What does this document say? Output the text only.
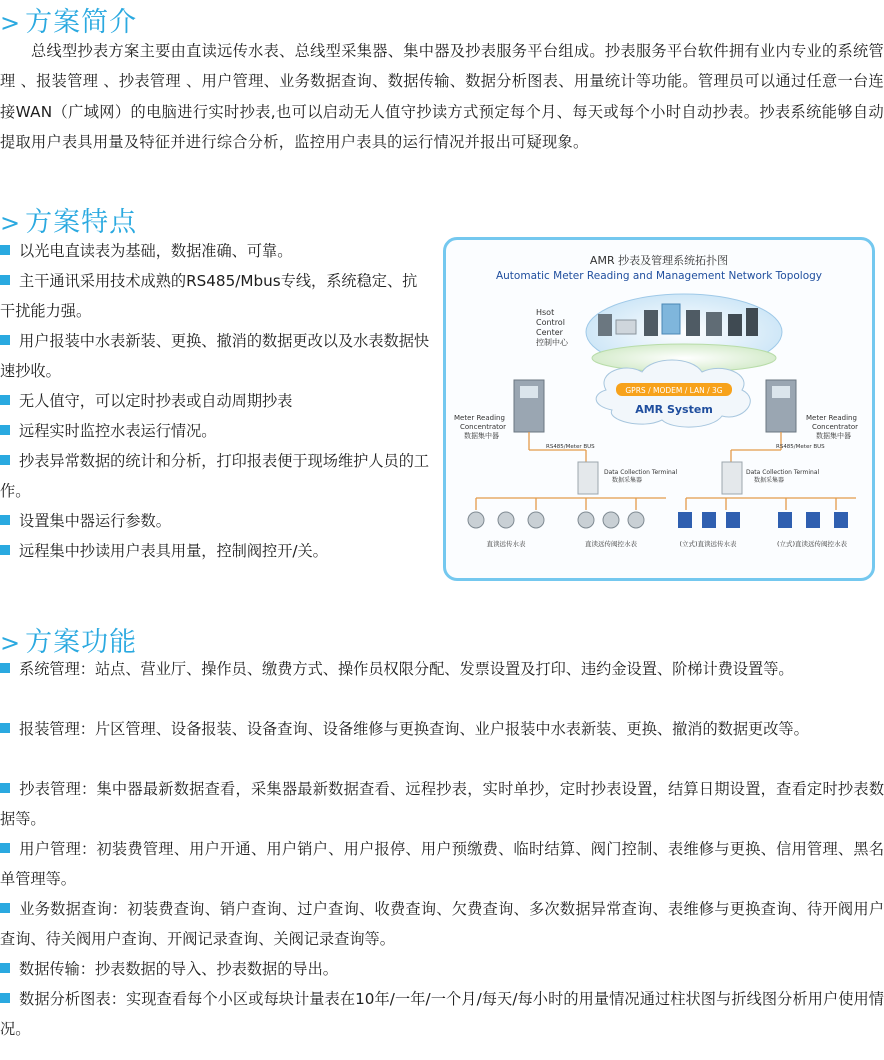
> 方案简介
总线型抄表方案主要由直读远传水表、总线型采集器、集中器及抄表服务平台组成。抄表服务平台软件拥有业内专业的系统管理 、报装管理 、抄表管理 、用户管理、业务数据查询、数据传输、数据分析图表、用量统计等功能。管理员可以通过任意一台连接WAN（广域网）的电脑进行实时抄表,也可以启动无人值守抄读方式预定每个月、每天或每个小时自动抄表。抄表系统能够自动提取用户表具用量及特征并进行综合分析，监控用户表具的运行情况并报出可疑现象。
> 方案特点
以光电直读表为基础，数据准确、可靠。
主干通讯采用技术成熟的RS485/Mbus专线，系统稳定、抗干扰能力强。
用户报装中水表新装、更换、撤消的数据更改以及水表数据快速抄收。
无人值守，可以定时抄表或自动周期抄表
远程实时监控水表运行情况。
抄表异常数据的统计和分析，打印报表便于现场维护人员的工作。
设置集中器运行参数。
远程集中抄读用户表具用量，控制阀控开/关。
AMR 抄表及管理系统拓扑图
Automatic Meter Reading and Management Network Topology
Hsot Control Center 控制中心
GPRS / MODEM / LAN / 3G
AMR System
Meter Reading Concentrator 数据集中器
Meter Reading Concentrator 数据集中器
RS485/Meter BUS	RS485/Meter BUS
Data Collection Terminal 数据采集器
Data Collection Terminal 数据采集器
直读远传水表	直读远传阀控水表	(立式)直读远传水表	(立式)直读远传阀控水表
> 方案功能
系统管理：站点、营业厅、操作员、缴费方式、操作员权限分配、发票设置及打印、违约金设置、阶梯计费设置等。
报装管理：片区管理、设备报装、设备查询、设备维修与更换查询、业户报装中水表新装、更换、撤消的数据更改等。
抄表管理：集中器最新数据查看，采集器最新数据查看、远程抄表，实时单抄，定时抄表设置，结算日期设置，查看定时抄表数据等。
用户管理：初装费管理、用户开通、用户销户、用户报停、用户预缴费、临时结算、阀门控制、表维修与更换、信用管理、黑名单管理等。
业务数据查询：初装费查询、销户查询、过户查询、收费查询、欠费查询、多次数据异常查询、表维修与更换查询、待开阀用户查询、待关阀用户查询、开阀记录查询、关阀记录查询等。
数据传输：抄表数据的导入、抄表数据的导出。
数据分析图表：实现查看每个小区或每块计量表在10年/一年/一个月/每天/每小时的用量情况通过柱状图与折线图分析用户使用情况。
